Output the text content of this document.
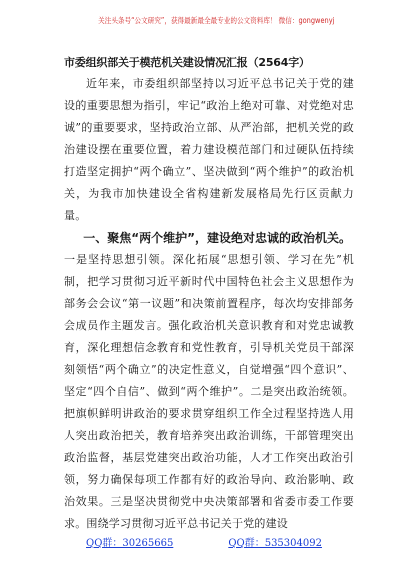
关注头条号“公文研究”，获得最新最全最专业的公文资料库！ 微信：gongwenyj

市委组织部关于模范机关建设情况汇报（2564字）

近年来，市委组织部坚持以习近平总书记关于党的建设的重要思想为指引，牢记“政治上绝对可靠、对党绝对忠诚”的重要要求，坚持政治立部、从严治部，把机关党的政治建设摆在重要位置，着力建设模范部门和过硬队伍持续打造坚定拥护“两个确立”、坚决做到“两个维护”的政治机关，为我市加快建设全省构建新发展格局先行区贡献力量。

一、聚焦“两个维护”，建设绝对忠诚的政治机关。

一是坚持思想引领。深化拓展“思想引领、学习在先”机制，把学习贯彻习近平新时代中国特色社会主义思想作为部务会会议“第一议题”和决策前置程序，每次均安排部务会成员作主题发言。强化政治机关意识教育和对党忠诚教育，深化理想信念教育和党性教育，引导机关党员干部深刻领悟“两个确立”的决定性意义，自觉增强“四个意识”、坚定“四个自信”、做到“两个维护”。二是突出政治统领。把旗帜鲜明讲政治的要求贯穿组织工作全过程坚持选人用人突出政治把关，教育培养突出政治训练，干部管理突出政治监督，基层党建突出政治功能，人才工作突出政治引领，努力确保每项工作都有好的政治导向、政治影响、政治效果。三是坚决贯彻党中央决策部署和省委市委工作要求。围绕学习贯彻习近平总书记关于党的建设

QQ群：30265665	QQ群：535304092
